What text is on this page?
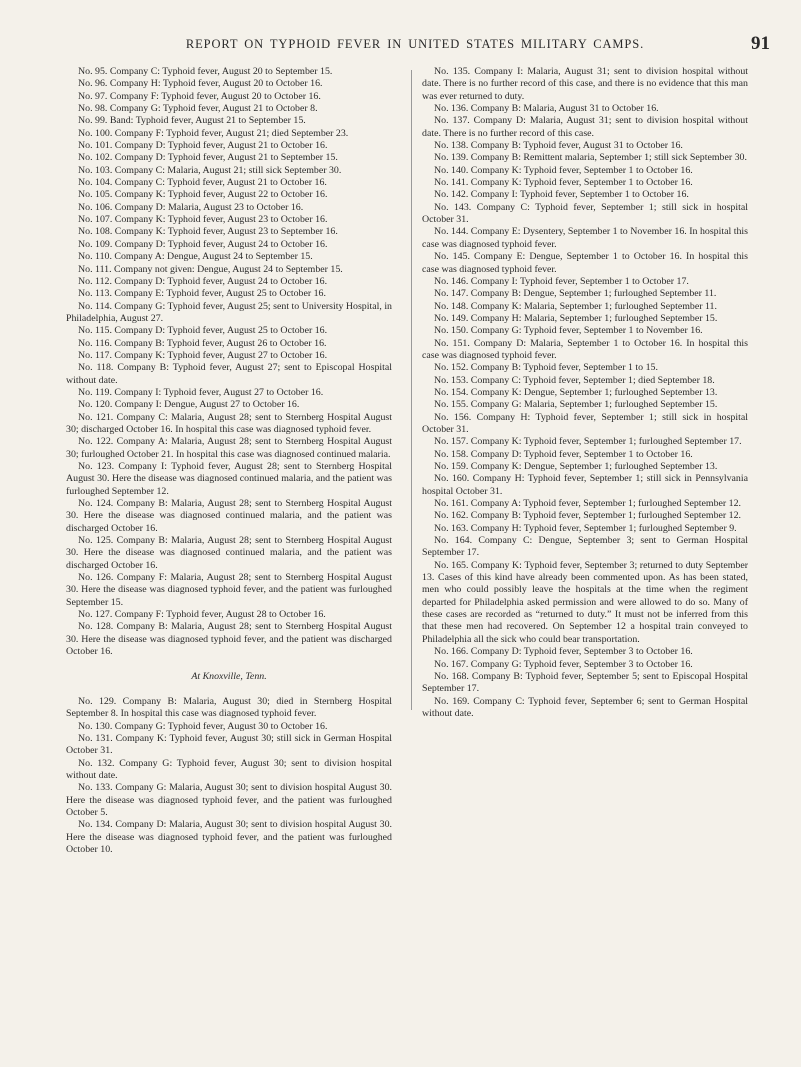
REPORT ON TYPHOID FEVER IN UNITED STATES MILITARY CAMPS.	91

No. 95. Company C: Typhoid fever, August 20 to September 15.

No. 96. Company H: Typhoid fever, August 20 to October 16.

No. 97. Company F: Typhoid fever, August 20 to October 16.

No. 98. Company G: Typhoid fever, August 21 to October 8.

No. 99. Band: Typhoid fever, August 21 to September 15.

No. 100. Company F: Typhoid fever, August 21; died September 23.

No. 101. Company D: Typhoid fever, August 21 to October 16.

No. 102. Company D: Typhoid fever, August 21 to September 15.

No. 103. Company C: Malaria, August 21; still sick September 30.

No. 104. Company C: Typhoid fever, August 21 to October 16.

No. 105. Company K: Typhoid fever, August 22 to October 16.

No. 106. Company D: Malaria, August 23 to October 16.

No. 107. Company K: Typhoid fever, August 23 to October 16.

No. 108. Company K: Typhoid fever, August 23 to September 16.

No. 109. Company D: Typhoid fever, August 24 to October 16.

No. 110. Company A: Dengue, August 24 to September 15.

No. 111. Company not given: Dengue, August 24 to September 15.

No. 112. Company D: Typhoid fever, August 24 to October 16.

No. 113. Company E: Typhoid fever, August 25 to October 16.

No. 114. Company G: Typhoid fever, August 25; sent to University Hospital, in Philadelphia, August 27.

No. 115. Company D: Typhoid fever, August 25 to October 16.

No. 116. Company B: Typhoid fever, August 26 to October 16.

No. 117. Company K: Typhoid fever, August 27 to October 16.

No. 118. Company B: Typhoid fever, August 27; sent to Episcopal Hospital without date.

No. 119. Company I: Typhoid fever, August 27 to October 16.

No. 120. Company I: Dengue, August 27 to October 16.

No. 121. Company C: Malaria, August 28; sent to Sternberg Hospital August 30; discharged October 16. In hospital this case was diagnosed typhoid fever.

No. 122. Company A: Malaria, August 28; sent to Sternberg Hospital August 30; furloughed October 21. In hospital this case was diagnosed continued malaria.

No. 123. Company I: Typhoid fever, August 28; sent to Sternberg Hospital August 30. Here the disease was diagnosed continued malaria, and the patient was furloughed September 12.

No. 124. Company B: Malaria, August 28; sent to Sternberg Hospital August 30. Here the disease was diagnosed continued malaria, and the patient was discharged October 16.

No. 125. Company B: Malaria, August 28; sent to Sternberg Hospital August 30. Here the disease was diagnosed continued malaria, and the patient was discharged October 16.

No. 126. Company F: Malaria, August 28; sent to Sternberg Hospital August 30. Here the disease was diagnosed typhoid fever, and the patient was furloughed September 15.

No. 127. Company F: Typhoid fever, August 28 to October 16.

No. 128. Company B: Malaria, August 28; sent to Sternberg Hospital August 30. Here the disease was diagnosed typhoid fever, and the patient was discharged October 16.

At Knoxville, Tenn.

No. 129. Company B: Malaria, August 30; died in Sternberg Hospital September 8. In hospital this case was diagnosed typhoid fever.

No. 130. Company G: Typhoid fever, August 30 to October 16.

No. 131. Company K: Typhoid fever, August 30; still sick in German Hospital October 31.

No. 132. Company G: Typhoid fever, August 30; sent to division hospital without date.

No. 133. Company G: Malaria, August 30; sent to division hospital August 30. Here the disease was diagnosed typhoid fever, and the patient was furloughed October 5.

No. 134. Company D: Malaria, August 30; sent to division hospital August 30. Here the disease was diagnosed typhoid fever, and the patient was furloughed October 10.

No. 135. Company I: Malaria, August 31; sent to division hospital without date. There is no further record of this case, and there is no evidence that this man was ever returned to duty.

No. 136. Company B: Malaria, August 31 to October 16.

No. 137. Company D: Malaria, August 31; sent to division hospital without date. There is no further record of this case.

No. 138. Company B: Typhoid fever, August 31 to October 16.

No. 139. Company B: Remittent malaria, September 1; still sick September 30.

No. 140. Company K: Typhoid fever, September 1 to October 16.

No. 141. Company K: Typhoid fever, September 1 to October 16.

No. 142. Company I: Typhoid fever, September 1 to October 16.

No. 143. Company C: Typhoid fever, September 1; still sick in hospital October 31.

No. 144. Company E: Dysentery, September 1 to November 16. In hospital this case was diagnosed typhoid fever.

No. 145. Company E: Dengue, September 1 to October 16. In hospital this case was diagnosed typhoid fever.

No. 146. Company I: Typhoid fever, September 1 to October 17.

No. 147. Company B: Dengue, September 1; furloughed September 11.

No. 148. Company K: Malaria, September 1; furloughed September 11.

No. 149. Company H: Malaria, September 1; furloughed September 15.

No. 150. Company G: Typhoid fever, September 1 to November 16.

No. 151. Company D: Malaria, September 1 to October 16. In hospital this case was diagnosed typhoid fever.

No. 152. Company B: Typhoid fever, September 1 to 15.

No. 153. Company C: Typhoid fever, September 1; died September 18.

No. 154. Company K: Dengue, September 1; furloughed September 13.

No. 155. Company G: Malaria, September 1; furloughed September 15.

No. 156. Company H: Typhoid fever, September 1; still sick in hospital October 31.

No. 157. Company K: Typhoid fever, September 1; furloughed September 17.

No. 158. Company D: Typhoid fever, September 1 to October 16.

No. 159. Company K: Dengue, September 1; furloughed September 13.

No. 160. Company H: Typhoid fever, September 1; still sick in Pennsylvania hospital October 31.

No. 161. Company A: Typhoid fever, September 1; furloughed September 12.

No. 162. Company B: Typhoid fever, September 1; furloughed September 12.

No. 163. Company H: Typhoid fever, September 1; furloughed September 9.

No. 164. Company C: Dengue, September 3; sent to German Hospital September 17.

No. 165. Company K: Typhoid fever, September 3; returned to duty September 13. Cases of this kind have already been commented upon. As has been stated, men who could possibly leave the hospitals at the time when the regiment departed for Philadelphia asked permission and were allowed to do so. Many of these cases are recorded as “returned to duty.” It must not be inferred from this that these men had recovered. On September 12 a hospital train conveyed to Philadelphia all the sick who could bear transportation.

No. 166. Company D: Typhoid fever, September 3 to October 16.

No. 167. Company G: Typhoid fever, September 3 to October 16.

No. 168. Company B: Typhoid fever, September 5; sent to Episcopal Hospital September 17.

No. 169. Company C: Typhoid fever, September 6; sent to German Hospital without date.
